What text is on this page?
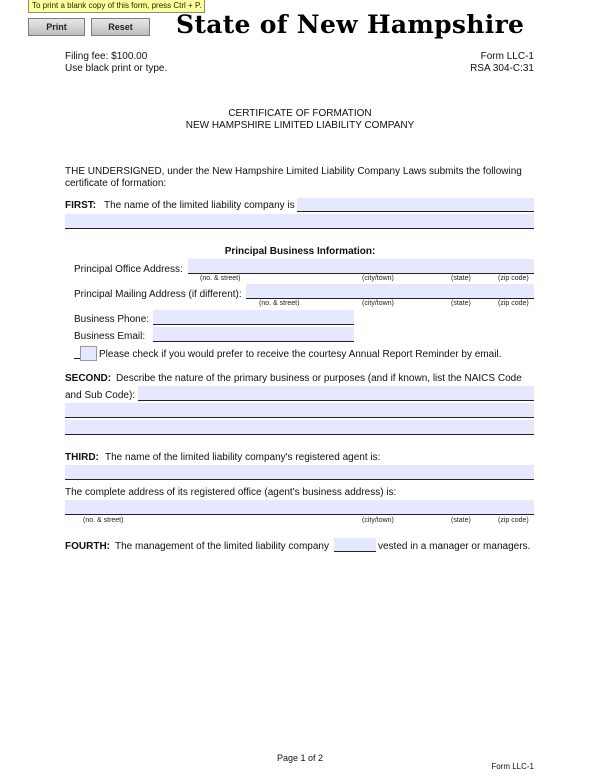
To print a blank copy of this form, press Ctrl + P.
Print	Reset	State of New Hampshire
Filing fee: $100.00
Use black print or type.
Form LLC-1
RSA 304-C:31
CERTIFICATE OF FORMATION
NEW HAMPSHIRE LIMITED LIABILITY COMPANY
THE UNDERSIGNED, under the New Hampshire Limited Liability Company Laws submits the following
certificate of formation:
FIRST: The name of the limited liability company is
Principal Business Information:
Principal Office Address:
(no. & street)	(city/town)	(state)	(zip code)
Principal Mailing Address (if different):
(no. & street)	(city/town)	(state)	(zip code)
Business Phone:
Business Email:
Please check if you would prefer to receive the courtesy Annual Report Reminder by email.
SECOND: Describe the nature of the primary business or purposes (and if known, list the NAICS Code
and Sub Code):
THIRD: The name of the limited liability company's registered agent is:
The complete address of its registered office (agent's business address) is:
(no. & street)	(city/town)	(state)	(zip code)
FOURTH: The management of the limited liability company	vested in a manager or managers.
Page 1 of 2
Form LLC-1
